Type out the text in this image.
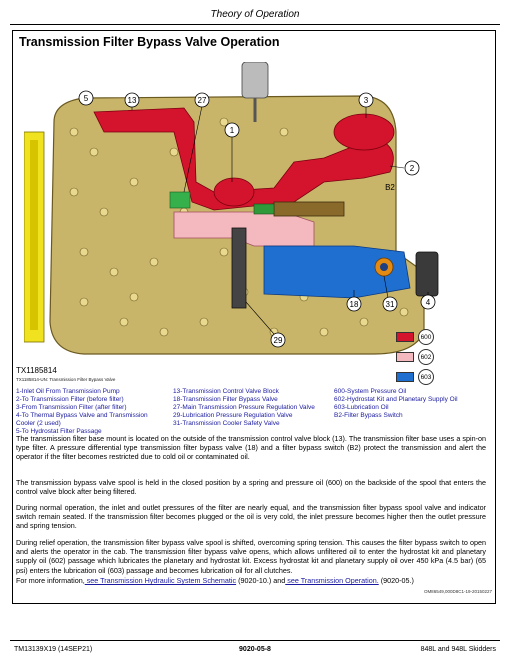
Theory of Operation
Transmission Filter Bypass Valve Operation
5	13	27
1
3
2
B2
18	31	4
29	600
602
603
TX1185814
TX1185814-UN: Transmission Filter Bypass Valve
1-Inlet Oil From Transmission Pump
2-To Transmission Filter (before filter)
3-From Transmission Filter (after filter)
4-To Thermal Bypass Valve and Transmission Cooler (2 used)
5-To Hydrostat Filter Passage
13-Transmission Control Valve Block
18-Transmission Filter Bypass Valve
27-Main Transmission Pressure Regulation Valve
29-Lubrication Pressure Regulation Valve
31-Transmission Cooler Safety Valve
600-System Pressure Oil
602-Hydrostat Kit and Planetary Supply Oil
603-Lubrication Oil
B2-Filter Bypass Switch
The transmission filter base mount is located on the outside of the transmission control valve block (13). The transmission filter base uses a spin-on type filter. A pressure differential type transmission filter bypass valve (18) and a filter bypass switch (B2) protect the transmission and alert the operator if the filter becomes restricted due to cold oil or contaminated oil.
The transmission bypass valve spool is held in the closed position by a spring and pressure oil (600) on the backside of the spool that enters the control valve block after being filtered.
During normal operation, the inlet and outlet pressures of the filter are nearly equal, and the transmission filter bypass spool valve and indicator switch remain seated. If the transmission filter becomes plugged or the oil is very cold, the inlet pressure becomes higher then the outlet pressure and spring tension.
During relief operation, the transmission filter bypass valve spool is shifted, overcoming spring tension. This causes the filter bypass switch to open and alerts the operator in the cab. The transmission filter bypass valve opens, which allows unfiltered oil to enter the hydrostat kit and planetary supply oil (602) passage which lubricates the planetary and hydrostat kit. Excess hydrostat kit and planetary supply oil over 450 kPa (4.5 bar) (65 psi) enters the lubrication oil (603) passage and becomes lubrication oil for all clutches.
For more information, see Transmission Hydraulic System Schematic (9020-10.) and see Transmission Operation. (9020-05.)
OM86549,000D8C1-19-20150227
TM13139X19 (14SEP21)	9020-05-8	848L and 948L Skidders
